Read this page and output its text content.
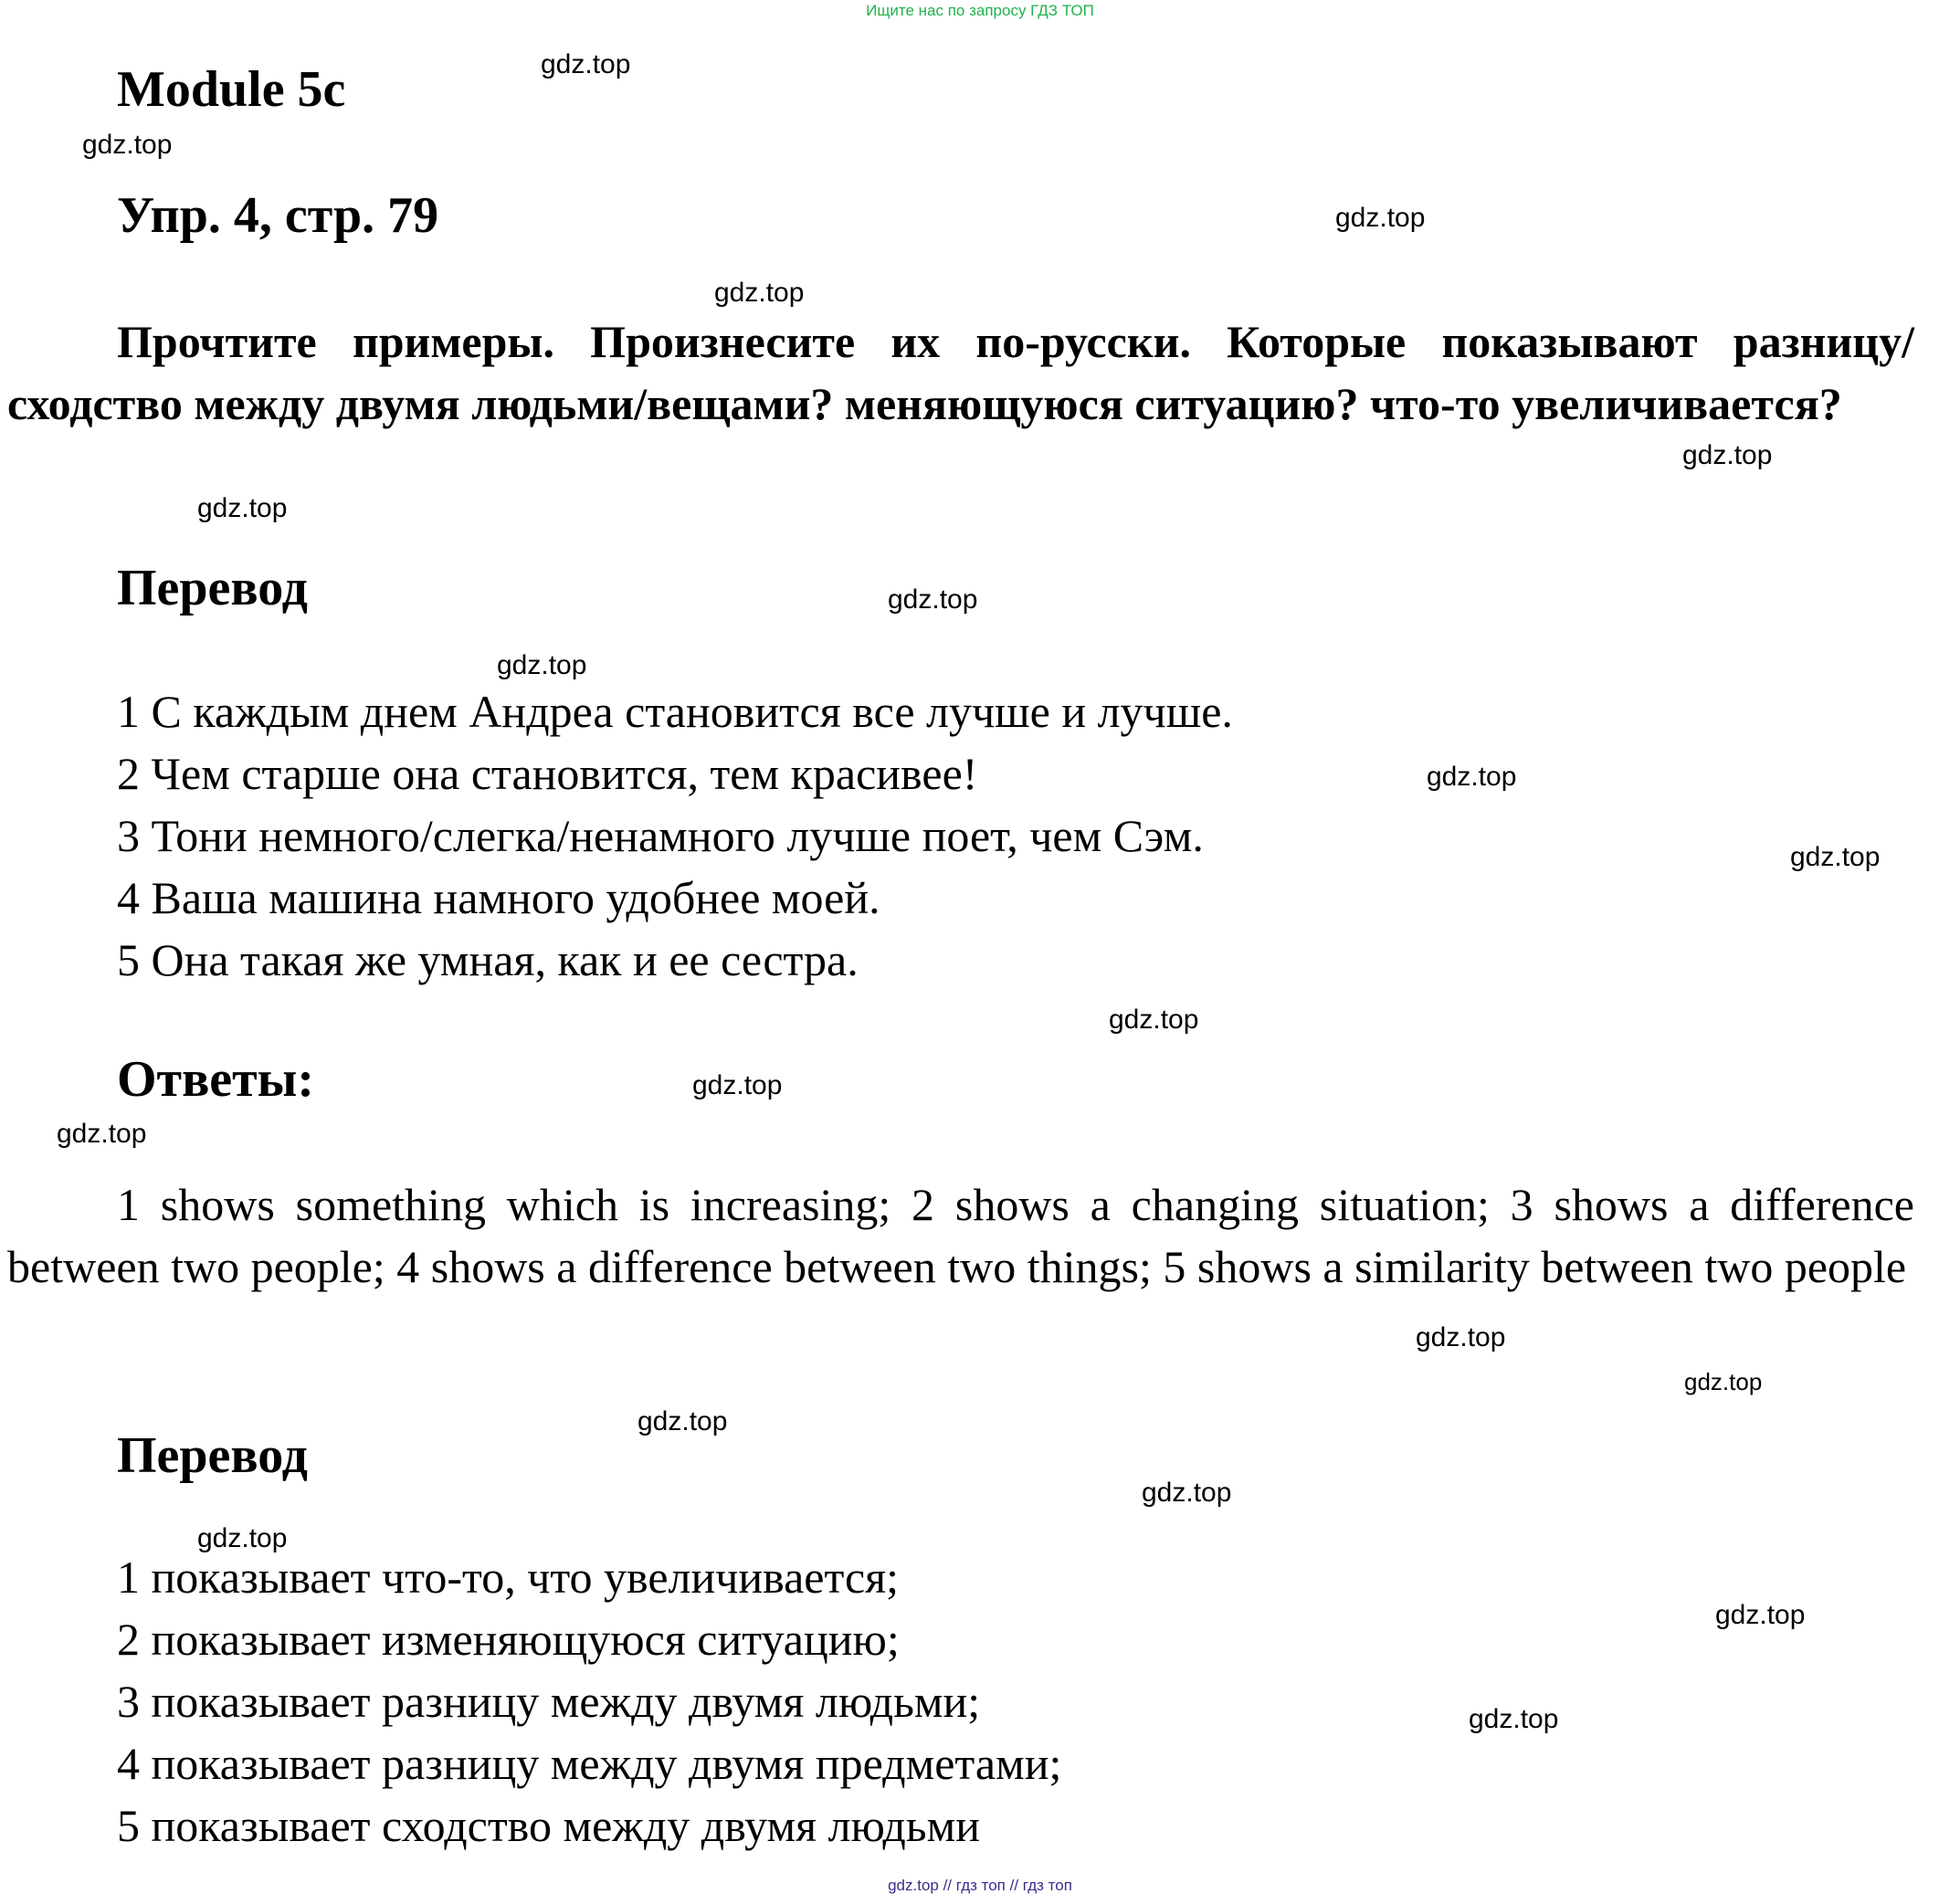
Ищите нас по запросу ГДЗ ТОП
Module 5c
Упр. 4, стр. 79
Прочтите примеры. Произнесите их по-русски. Которые показывают разницу/сходство между двумя людьми/вещами? меняющуюся ситуацию? что-то увеличивается?
Перевод
1 С каждым днем Андреа становится все лучше и лучше.
2 Чем старше она становится, тем красивее!
3 Тони немного/слегка/ненамного лучше поет, чем Сэм.
4 Ваша машина намного удобнее моей.
5 Она такая же умная, как и ее сестра.
Ответы:
1 shows something which is increasing; 2 shows a changing situation; 3 shows a difference between two people; 4 shows a difference between two things; 5 shows a similarity between two people
Перевод
1 показывает что-то, что увеличивается;
2 показывает изменяющуюся ситуацию;
3 показывает разницу между двумя людьми;
4 показывает разницу между двумя предметами;
5 показывает сходство между двумя людьми
gdz.top
gdz.top
gdz.top
gdz.top
gdz.top
gdz.top
gdz.top
gdz.top
gdz.top
gdz.top
gdz.top
gdz.top
gdz.top
gdz.top
gdz.top
gdz.top
gdz.top
gdz.top
gdz.top
gdz.top
gdz.top // гдз топ // гдз топ
